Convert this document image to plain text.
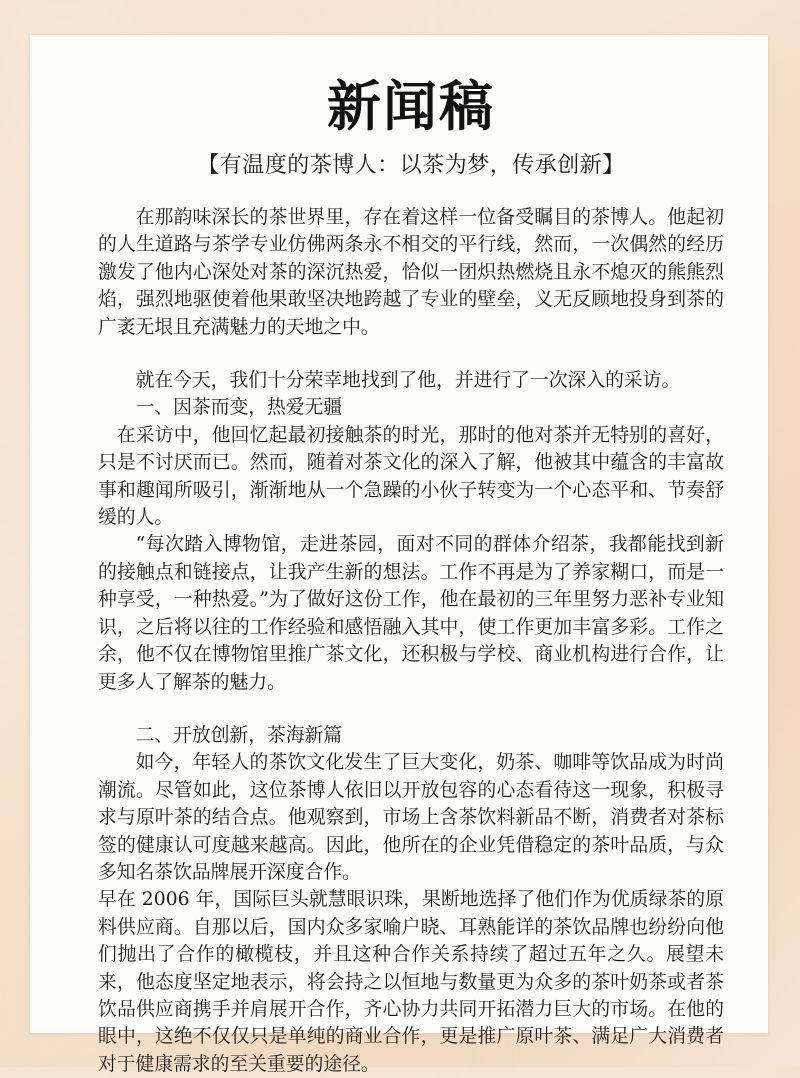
新闻稿
【有温度的茶博人：以茶为梦，传承创新】

在那韵味深长的茶世界里，存在着这样一位备受瞩目的茶博人。他起初的人生道路与茶学专业仿佛两条永不相交的平行线，然而，一次偶然的经历激发了他内心深处对茶的深沉热爱，恰似一团炽热燃烧且永不熄灭的熊熊烈焰，强烈地驱使着他果敢坚决地跨越了专业的壁垒，义无反顾地投身到茶的广袤无垠且充满魅力的天地之中。

就在今天，我们十分荣幸地找到了他，并进行了一次深入的采访。

一、因茶而变，热爱无疆

在采访中，他回忆起最初接触茶的时光，那时的他对茶并无特别的喜好，只是不讨厌而已。然而，随着对茶文化的深入了解，他被其中蕴含的丰富故事和趣闻所吸引，渐渐地从一个急躁的小伙子转变为一个心态平和、节奏舒缓的人。

“每次踏入博物馆，走进茶园，面对不同的群体介绍茶，我都能找到新的接触点和链接点，让我产生新的想法。工作不再是为了养家糊口，而是一种享受，一种热爱。”为了做好这份工作，他在最初的三年里努力恶补专业知识，之后将以往的工作经验和感悟融入其中，使工作更加丰富多彩。工作之余，他不仅在博物馆里推广茶文化，还积极与学校、商业机构进行合作，让更多人了解茶的魅力。

二、开放创新，茶海新篇

如今，年轻人的茶饮文化发生了巨大变化，奶茶、咖啡等饮品成为时尚潮流。尽管如此，这位茶博人依旧以开放包容的心态看待这一现象，积极寻求与原叶茶的结合点。他观察到，市场上含茶饮料新品不断，消费者对茶标签的健康认可度越来越高。因此，他所在的企业凭借稳定的茶叶品质，与众多知名茶饮品牌展开深度合作。

早在 2006 年，国际巨头就慧眼识珠，果断地选择了他们作为优质绿茶的原料供应商。自那以后，国内众多家喻户晓、耳熟能详的茶饮品牌也纷纷向他们抛出了合作的橄榄枝，并且这种合作关系持续了超过五年之久。展望未来，他态度坚定地表示，将会持之以恒地与数量更为众多的茶叶奶茶或者茶饮品供应商携手并肩展开合作，齐心协力共同开拓潜力巨大的市场。在他的眼中，这绝不仅仅只是单纯的商业合作，更是推广原叶茶、满足广大消费者对于健康需求的至关重要的途径。
